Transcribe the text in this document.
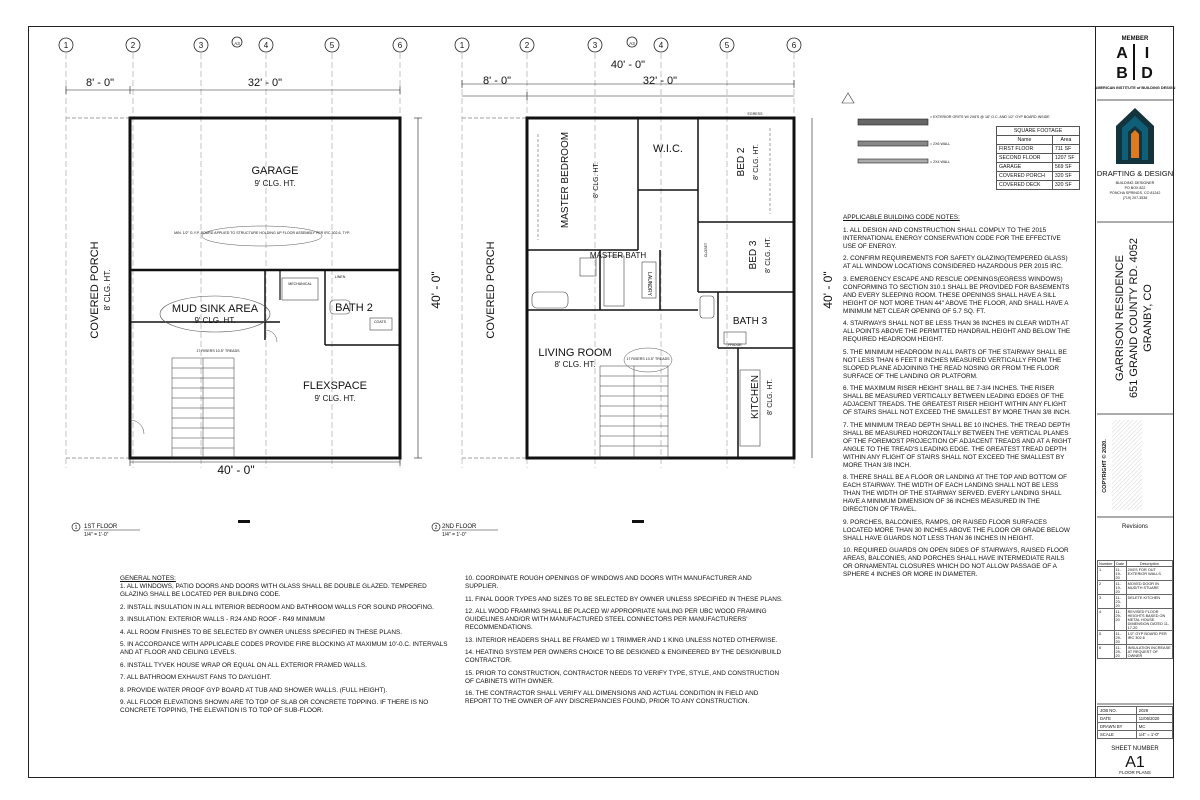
1	2	3	A3	4	5	6	1	2	3	A3	4	5	6
8' - 0"	32' - 0"
40' - 0"
40' - 0"
MIN. 1/2" G.Y.P. BOARD APPLIED TO STRUCTURE HOLDING UP FLOOR ASSEMBLY PER IRC 302.6, TYP.
GARAGE
9' CLG. HT.
MUD SINK AREA
9' CLG. HT.
BATH 2
FLEXSPACE
9' CLG. HT.
MECHANICAL
LINEN
COATS
17 RISERS 10.5" TREADS
COVERED PORCH 8' CLG. HT.
1 1ST FLOOR
1/4" = 1'-0"
40' - 0"
8' - 0"	32' - 0"
40' - 0"
MASTER BEDROOM	8' CLG. HT.
W.I.C.	BED 2 8' CLG. HT.
MASTER BATH
LAUNDRY
BED 3 8' CLG. HT.
BATH 3
LIVING ROOM
8' CLG. HT.
KITCHEN 8' CLG. HT.
EGRESS
CLOSET
FRIDGE
17 RISERS 10.5" TREADS
COVERED PORCH
2 2ND FLOOR
1/4" = 1'-0"
= EXTERIOR GRITS W/ 2X6'S @ 16" O.C. AND 1/2" GYP BOARD INSIDE
= 2X6 WALL
= 2X4 WALL
MEMBER
A I
B D
AMERICAN INSTITUTE of BUILDING DESIGN
DRAFTING & DESIGN
BUILDING DESIGNER
PO BOX 822
PONCHA SPRINGS, CO 81242
(719) 207-3538
GARRISON RESIDENCE 651 GRAND COUNTY RD. 4052 GRANBY, CO
COPYRIGHT © 2020.
Revisions
SHEET NUMBER
A1
FLOOR PLANS
SQUARE FOOTAGE	
Name	Area
FIRST FLOOR	711 SF
SECOND FLOOR	1207 SF
GARAGE	569 SF
COVERED PORCH	320 SF
COVERED DECK	320 SF

APPLICABLE BUILDING CODE NOTES:

1. ALL DESIGN AND CONSTRUCTION SHALL COMPLY TO THE 2015 INTERNATIONAL ENERGY CONSERVATION CODE FOR THE EFFECTIVE USE OF ENERGY.

2. CONFIRM REQUIREMENTS FOR SAFETY GLAZING(TEMPERED GLASS) AT ALL WINDOW LOCATIONS CONSIDERED HAZARDOUS PER 2015 IRC.

3. EMERGENCY ESCAPE AND RESCUE OPENINGS(EGRESS WINDOWS) CONFORMING TO SECTION 310.1 SHALL BE PROVIDED FOR BASEMENTS AND EVERY SLEEPING ROOM. THESE OPENINGS SHALL HAVE A SILL HEIGHT OF NOT MORE THAN 44" ABOVE THE FLOOR, AND SHALL HAVE A MINIMUM NET CLEAR OPENING OF 5.7 SQ. FT.

4. STAIRWAYS SHALL NOT BE LESS THAN 36 INCHES IN CLEAR WIDTH AT ALL POINTS ABOVE THE PERMITTED HANDRAIL HEIGHT AND BELOW THE REQUIRED HEADROOM HEIGHT.

5. THE MINIMUM HEADROOM IN ALL PARTS OF THE STAIRWAY SHALL BE NOT LESS THAN 6 FEET 8 INCHES MEASURED VERTICALLY FROM THE SLOPED PLANE ADJOINING THE READ NOSING OR FROM THE FLOOR SURFACE OF THE LANDING OR PLATFORM.

6. THE MAXIMUM RISER HEIGHT SHALL BE 7-3/4 INCHES. THE RISER SHALL BE MEASURED VERTICALLY BETWEEN LEADING EDGES OF THE ADJACENT TREADS. THE GREATEST RISER HEIGHT WITHIN ANY FLIGHT OF STAIRS SHALL NOT EXCEED THE SMALLEST BY MORE THAN 3/8 INCH.

7. THE MINIMUM TREAD DEPTH SHALL BE 10 INCHES. THE TREAD DEPTH SHALL BE MEASURED HORIZONTALLY BETWEEN THE VERTICAL PLANES OF THE FOREMOST PROJECTION OF ADJACENT TREADS AND AT A RIGHT ANGLE TO THE TREAD'S LEADING EDGE. THE GREATEST TREAD DEPTH WITHIN ANY FLIGHT OF STAIRS SHALL NOT EXCEED THE SMALLEST BY MORE THAN 3/8 INCH.

8. THERE SHALL BE A FLOOR OR LANDING AT THE TOP AND BOTTOM OF EACH STAIRWAY. THE WIDTH OF EACH LANDING SHALL NOT BE LESS THAN THE WIDTH OF THE STAIRWAY SERVED. EVERY LANDING SHALL HAVE A MINIMUM DIMENSION OF 36 INCHES MEASURED IN THE DIRECTION OF TRAVEL.

9. PORCHES, BALCONIES, RAMPS, OR RAISED FLOOR SURFACES LOCATED MORE THAN 30 INCHES ABOVE THE FLOOR OR GRADE BELOW SHALL HAVE GUARDS NOT LESS THAN 36 INCHES IN HEIGHT.

10. REQUIRED GUARDS ON OPEN SIDES OF STAIRWAYS, RAISED FLOOR AREAS, BALCONIES, AND PORCHES SHALL HAVE INTERMEDIATE RAILS OR ORNAMENTAL CLOSURES WHICH DO NOT ALLOW PASSAGE OF A SPHERE 4 INCHES OR MORE IN DIAMETER.

GENERAL NOTES:

1. ALL WINDOWS, PATIO DOORS AND DOORS WITH GLASS SHALL BE DOUBLE GLAZED. TEMPERED GLAZING SHALL BE LOCATED PER BUILDING CODE.

2. INSTALL INSULATION IN ALL INTERIOR BEDROOM AND BATHROOM WALLS FOR SOUND PROOFING.

3. INSULATION: EXTERIOR WALLS - R24 AND ROOF - R49 MINIMUM

4. ALL ROOM FINISHES TO BE SELECTED BY OWNER UNLESS SPECIFIED IN THESE PLANS.

5. IN ACCORDANCE WITH APPLICABLE CODES PROVIDE FIRE BLOCKING AT MAXIMUM 10'-0.C. INTERVALS AND AT FLOOR AND CEILING LEVELS.

6. INSTALL TYVEK HOUSE WRAP OR EQUAL ON ALL EXTERIOR FRAMED WALLS.

7. ALL BATHROOM EXHAUST FANS TO DAYLIGHT.

8. PROVIDE WATER PROOF GYP BOARD AT TUB AND SHOWER WALLS. (FULL HEIGHT).

9. ALL FLOOR ELEVATIONS SHOWN ARE TO TOP OF SLAB OR CONCRETE TOPPING. IF THERE IS NO CONCRETE TOPPING, THE ELEVATION IS TO TOP OF SUB-FLOOR.

10. COORDINATE ROUGH OPENINGS OF WINDOWS AND DOORS WITH MANUFACTURER AND SUPPLIER.

11. FINAL DOOR TYPES AND SIZES TO BE SELECTED BY OWNER UNLESS SPECIFIED IN THESE PLANS.

12. ALL WOOD FRAMING SHALL BE PLACED W/ APPROPRIATE NAILING PER UBC WOOD FRAMING GUIDELINES AND/OR WITH MANUFACTURED STEEL CONNECTORS PER MANUFACTURERS' RECOMMENDATIONS.

13. INTERIOR HEADERS SHALL BE FRAMED W/ 1 TRIMMER AND 1 KING UNLESS NOTED OTHERWISE.

14. HEATING SYSTEM PER OWNERS CHOICE TO BE DESIGNED & ENGINEERED BY THE DESIGN/BUILD CONTRACTOR.

15. PRIOR TO CONSTRUCTION, CONTRACTOR NEEDS TO VERIFY TYPE, STYLE, AND CONSTRUCTION OF CABINETS WITH OWNER.

16. THE CONTRACTOR SHALL VERIFY ALL DIMENSIONS AND ACTUAL CONDITION IN FIELD AND REPORT TO THE OWNER OF ANY DISCREPANCIES FOUND, PRIOR TO ANY CONSTRUCTION.

Number	Date	Description
1	11-19-20	2X6'S FOR OUT EXTERIOR WALLS
2	11-19-20	MOVED DOOR IN MUD/TH STUARE
3	11-23-20	DELETE KITCHEN
4	11-29-20	REVISED FLOOR HEIGHTS BASED ON METAL HOUSE DIMENSION DATED 11-17-20
5	11-29-20	1/2" GYP BOARD PER IRC 302.6
6	11-29-20	INSULATION INCREASE AT REQUEST OF OWNER
JOB NO.	2029
DATE	11/06/2020
DRAWN BY	MC
SCALE	1/4" = 1'-0"
